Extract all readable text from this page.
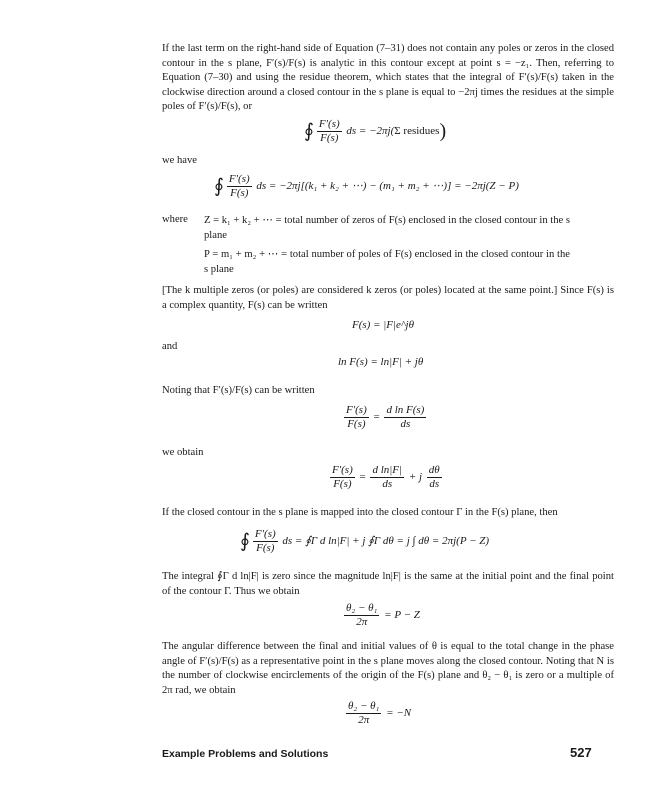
If the last term on the right-hand side of Equation (7–31) does not contain any poles or zeros in the closed contour in the s plane, F′(s)/F(s) is analytic in this contour except at point s = −z₁. Then, referring to Equation (7–30) and using the residue theorem, which states that the integral of F′(s)/F(s) taken in the clockwise direction around a closed contour in the s plane is equal to −2πj times the residues at the simple poles of F′(s)/F(s), or
∮ $\frac{F'(s)}{F(s)}$ ds = −2πj(Σ residues)
we have
∮ $\frac{F'(s)}{F(s)}$ ds = −2πj[(k₁ + k₂ + ⋯) − (m₁ + m₂ + ⋯)] = −2πj(Z − P)
where Z = k₁ + k₂ + ⋯ = total number of zeros of F(s) enclosed in the closed contour in the s plane
P = m₁ + m₂ + ⋯ = total number of poles of F(s) enclosed in the closed contour in the s plane
[The k multiple zeros (or poles) are considered k zeros (or poles) located at the same point.] Since F(s) is a complex quantity, F(s) can be written
F(s) = |F|e^jθ
and
ln F(s) = ln|F| + jθ
Noting that F′(s)/F(s) can be written
$\frac{F'(s)}{F(s)} = \frac{\text{d ln F(s)}}{ds}$
we obtain
$\frac{F'(s)}{F(s)} = \frac{\text{d ln|F|}}{ds} + j \frac{d\theta}{ds}$
If the closed contour in the s plane is mapped into the closed contour Γ in the F(s) plane, then
∮ $\frac{F'(s)}{F(s)}$ ds = ∮Γ d ln|F| + j ∮Γ dθ = j ∫ dθ = 2πj(P − Z)
The integral ∮Γ d ln|F| is zero since the magnitude ln|F| is the same at the initial point and the final point of the contour Γ. Thus we obtain
$\frac{\text{θ₂ − θ₁}}{2\pi} = P - Z$
The angular difference between the final and initial values of θ is equal to the total change in the phase angle of F′(s)/F(s) as a representative point in the s plane moves along the closed contour. Noting that N is the number of clockwise encirclements of the origin of the F(s) plane and θ₂ − θ₁ is zero or a multiple of 2π rad, we obtain
$\frac{\text{θ₂ − θ₁}}{2\pi} = -N$
Example Problems and Solutions	527
